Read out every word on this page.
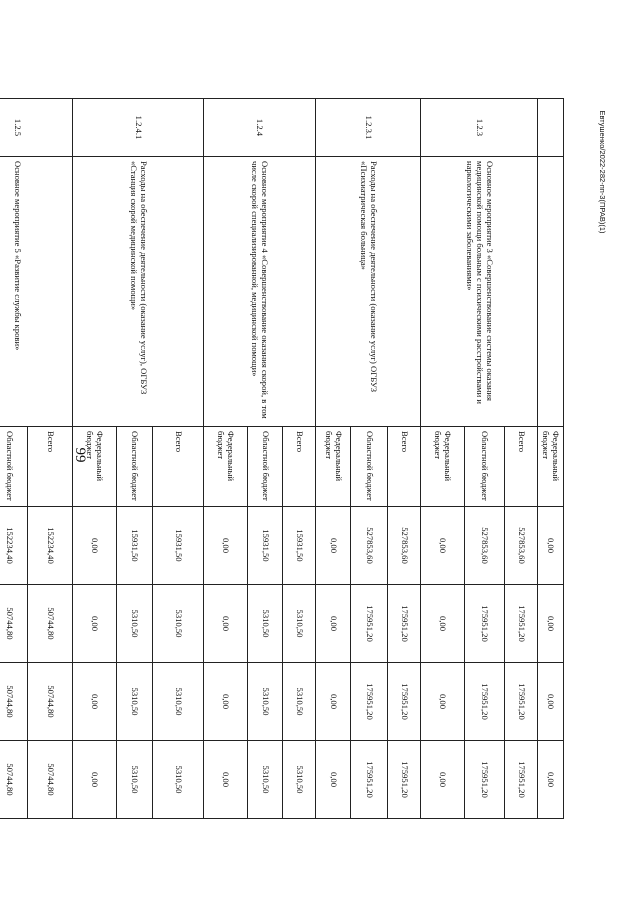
99
Евтушенко/2022-282-пп-3(ПРАВ)(1)
		Федеральный бюджет	0,00	0,00	0,00	0,00
1.2.3	Основное мероприятие 3 «Совершенствование системы оказания медицинской помощи больным с психическими расстройствами и наркологическими заболеваниями»	Всего	527853,60	175951,20	175951,20	175951,20
		Областной бюджет	527853,60	175951,20	175951,20	175951,20
		Федеральный бюджет	0,00	0,00	0,00	0,00
1.2.3.1	Расходы на обеспечение деятельности (оказание услуг) ОГБУЗ «Психиатрическая больница»	Всего	527853,60	175951,20	175951,20	175951,20
		Областной бюджет	527853,60	175951,20	175951,20	175951,20
		Федеральный бюджет	0,00	0,00	0,00	0,00
1.2.4	Основное мероприятие 4 «Совершенствование оказания скорой, в том числе скорой специализированной, медицинской помощи»	Всего	15931,50	5310,50	5310,50	5310,50
		Областной бюджет	15931,50	5310,50	5310,50	5310,50
		Федеральный бюджет	0,00	0,00	0,00	0,00
1.2.4.1	Расходы на обеспечение деятельности (оказание услуг), ОГБУЗ «Станция скорой медицинской помощи»	Всего	15931,50	5310,50	5310,50	5310,50
		Областной бюджет	15931,50	5310,50	5310,50	5310,50
		Федеральный бюджет	0,00	0,00	0,00	0,00
1.2.5	Основное мероприятие 5 «Развитие службы крови»	Всего	152234,40	50744,80	50744,80	50744,80
		Областной бюджет	152234,40	50744,80	50744,80	50744,80
